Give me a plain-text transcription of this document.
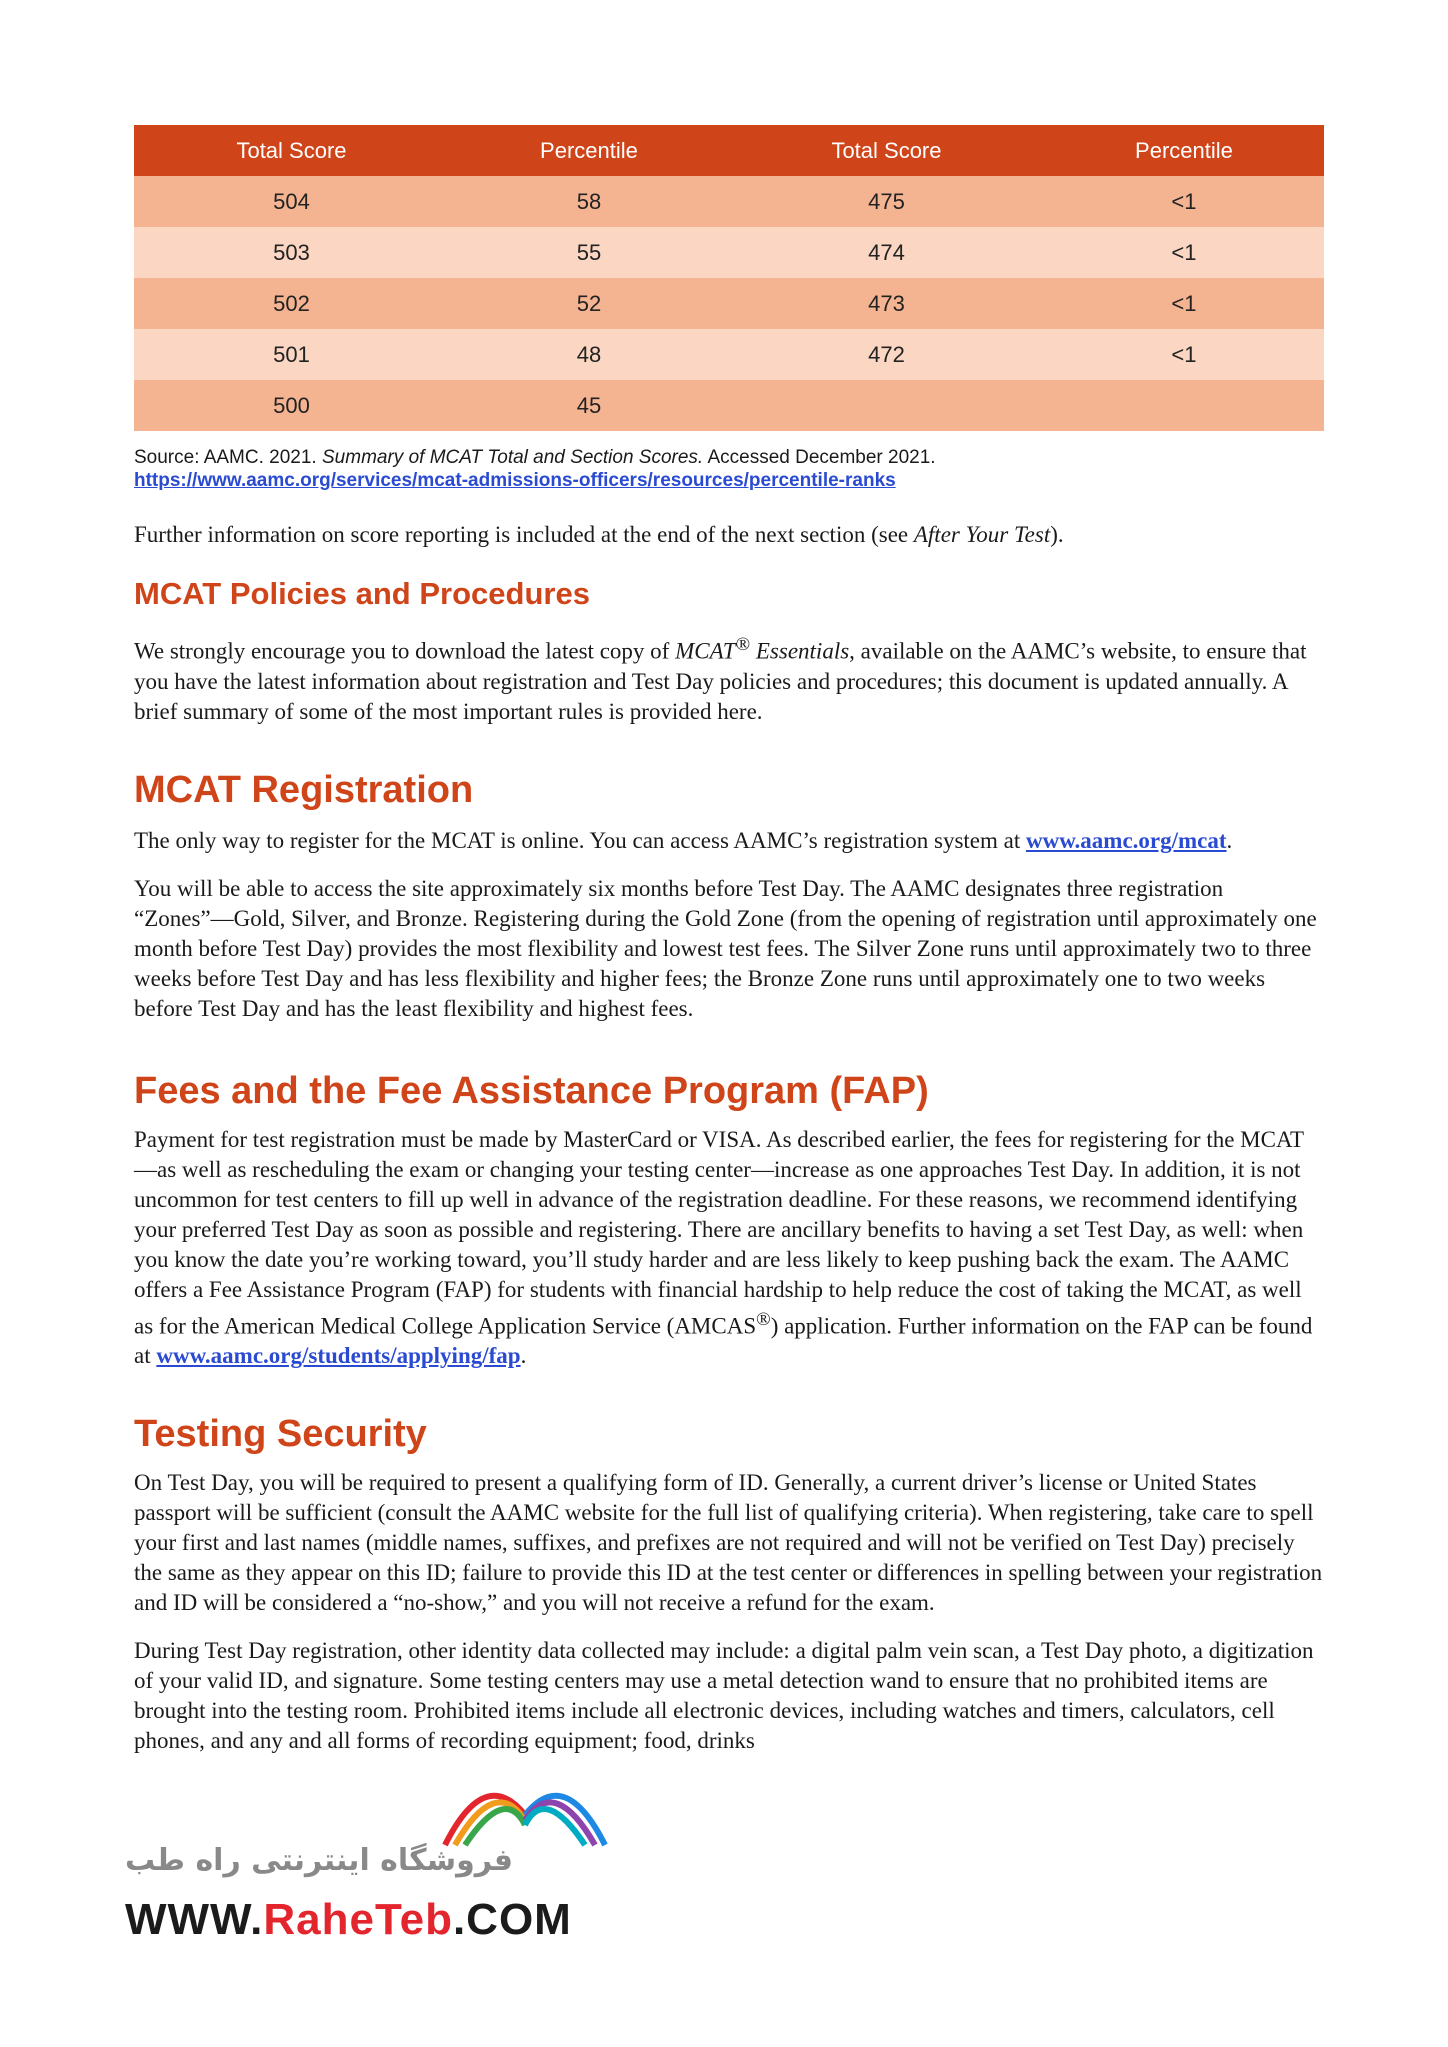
Total Score	Percentile	Total Score	Percentile
504	58	475	<1
503	55	474	<1
502	52	473	<1
501	48	472	<1
500	45		
Source: AAMC. 2021. Summary of MCAT Total and Section Scores. Accessed December 2021.
https://www.aamc.org/services/mcat-admissions-officers/resources/percentile-ranks

Further information on score reporting is included at the end of the next section (see After Your Test).

MCAT Policies and Procedures

We strongly encourage you to download the latest copy of MCAT® Essentials, available on the AAMC’s website, to ensure that you have the latest information about registration and Test Day policies and procedures; this document is updated annually. A brief summary of some of the most important rules is provided here.

MCAT Registration

The only way to register for the MCAT is online. You can access AAMC’s registration system at www.aamc.org/mcat.

You will be able to access the site approximately six months before Test Day. The AAMC designates three registration “Zones”—Gold, Silver, and Bronze. Registering during the Gold Zone (from the opening of registration until approximately one month before Test Day) provides the most flexibility and lowest test fees. The Silver Zone runs until approximately two to three weeks before Test Day and has less flexibility and higher fees; the Bronze Zone runs until approximately one to two weeks before Test Day and has the least flexibility and highest fees.

Fees and the Fee Assistance Program (FAP)

Payment for test registration must be made by MasterCard or VISA. As described earlier, the fees for registering for the MCAT—as well as rescheduling the exam or changing your testing center—increase as one approaches Test Day. In addition, it is not uncommon for test centers to fill up well in advance of the registration deadline. For these reasons, we recommend identifying your preferred Test Day as soon as possible and registering. There are ancillary benefits to having a set Test Day, as well: when you know the date you’re working toward, you’ll study harder and are less likely to keep pushing back the exam. The AAMC offers a Fee Assistance Program (FAP) for students with financial hardship to help reduce the cost of taking the MCAT, as well as for the American Medical College Application Service (AMCAS®) application. Further information on the FAP can be found at www.aamc.org/students/applying/fap.

Testing Security

On Test Day, you will be required to present a qualifying form of ID. Generally, a current driver’s license or United States passport will be sufficient (consult the AAMC website for the full list of qualifying criteria). When registering, take care to spell your first and last names (middle names, suffixes, and prefixes are not required and will not be verified on Test Day) precisely the same as they appear on this ID; failure to provide this ID at the test center or differences in spelling between your registration and ID will be considered a “no-show,” and you will not receive a refund for the exam.

During Test Day registration, other identity data collected may include: a digital palm vein scan, a Test Day photo, a digitization of your valid ID, and signature. Some testing centers may use a metal detection wand to ensure that no prohibited items are brought into the testing room. Prohibited items include all electronic devices, including watches and timers, calculators, cell phones, and any and all forms of recording equipment; food, drinks

فروشگاه اینترنتی راه طب
WWW.RaheTeb.COM
